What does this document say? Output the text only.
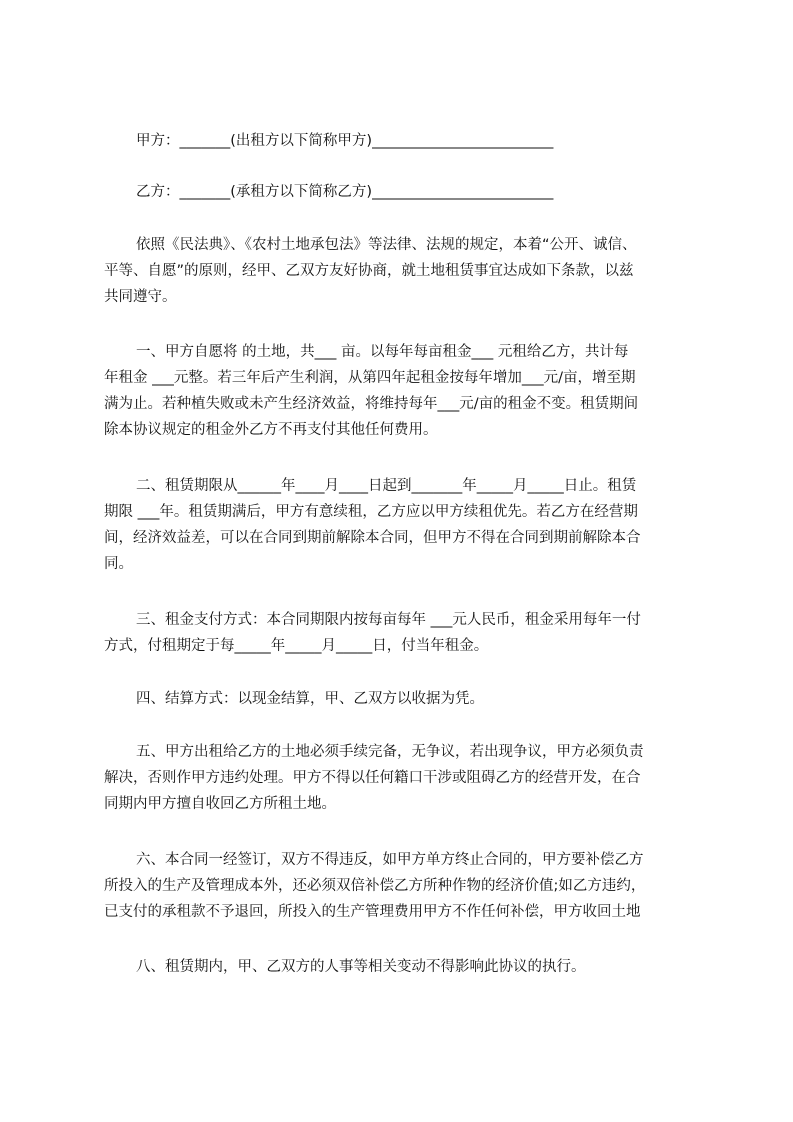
甲方：_______(出租方以下简称甲方)_________________________

乙方：_______(承租方以下简称乙方)_________________________

依照《民法典》、《农村土地承包法》等法律、法规的规定，本着“公开、诚信、
平等、自愿”的原则，经甲、乙双方友好协商，就土地租赁事宜达成如下条款，以兹
共同遵守。

一、甲方自愿将 的土地，共___ 亩。以每年每亩租金___ 元租给乙方，共计每
年租金 ___元整。若三年后产生利润，从第四年起租金按每年增加___元/亩，增至期
满为止。若种植失败或未产生经济效益，将维持每年___元/亩的租金不变。租赁期间
除本协议规定的租金外乙方不再支付其他任何费用。

二、租赁期限从______年____月____日起到_______年_____月_____日止。租赁
期限 ___年。租赁期满后，甲方有意续租，乙方应以甲方续租优先。若乙方在经营期
间，经济效益差，可以在合同到期前解除本合同，但甲方不得在合同到期前解除本合
同。

三、租金支付方式：本合同期限内按每亩每年 ___元人民币，租金采用每年一付
方式，付租期定于每_____年_____月_____日，付当年租金。

四、结算方式：以现金结算，甲、乙双方以收据为凭。

五、甲方出租给乙方的土地必须手续完备，无争议，若出现争议，甲方必须负责
解决，否则作甲方违约处理。甲方不得以任何籍口干涉或阻碍乙方的经营开发，在合
同期内甲方擅自收回乙方所租土地。

六、本合同一经签订，双方不得违反，如甲方单方终止合同的，甲方要补偿乙方
所投入的生产及管理成本外，还必须双倍补偿乙方所种作物的经济价值;如乙方违约，
已支付的承租款不予退回，所投入的生产管理费用甲方不作任何补偿，甲方收回土地

八、租赁期内，甲、乙双方的人事等相关变动不得影响此协议的执行。
